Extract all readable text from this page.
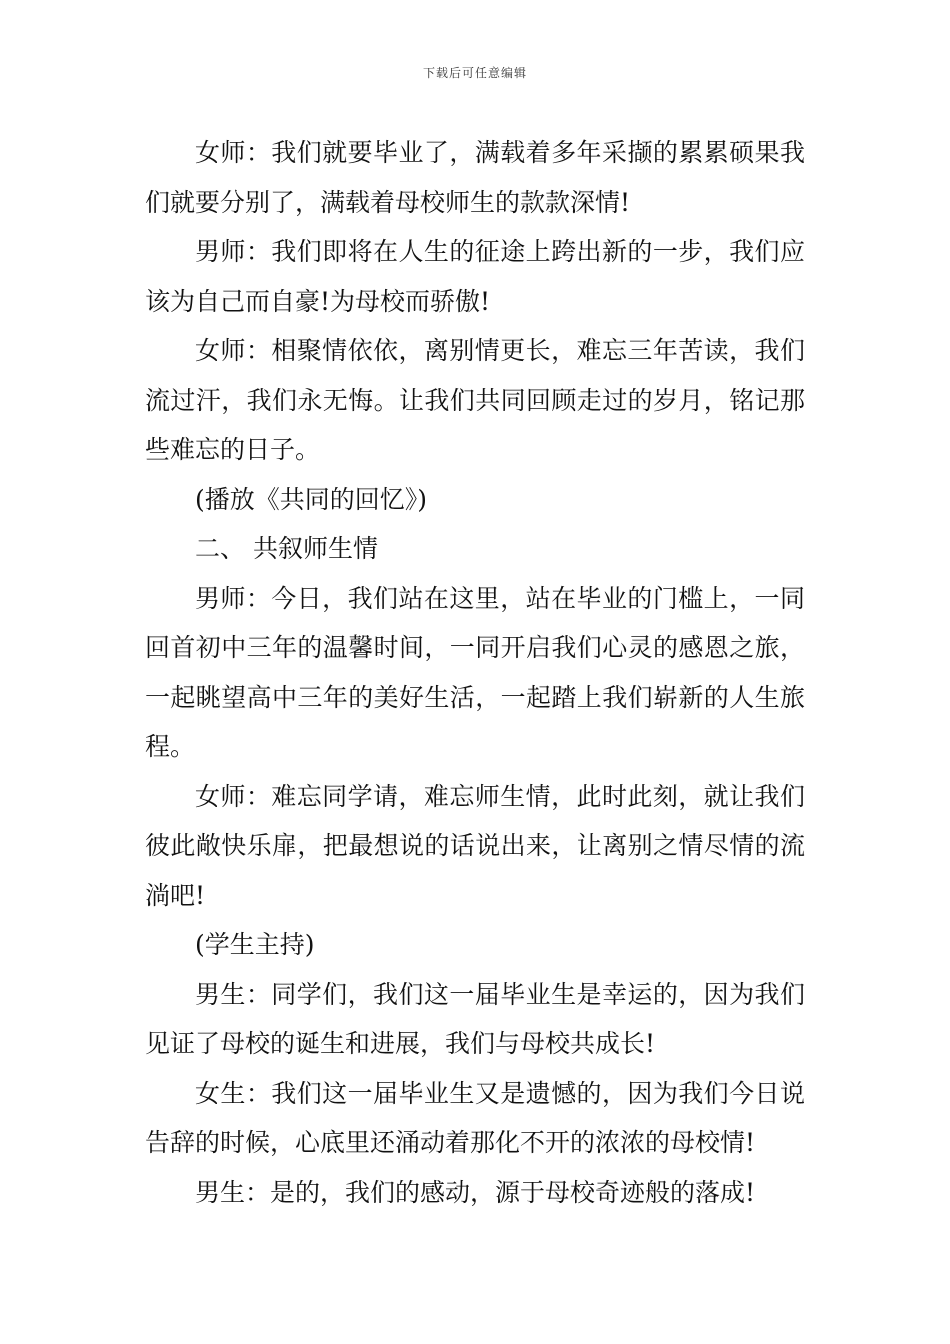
下载后可任意编辑

女师：我们就要毕业了，满载着多年采撷的累累硕果我们就要分别了，满载着母校师生的款款深情!

男师：我们即将在人生的征途上跨出新的一步，我们应该为自己而自豪!为母校而骄傲!

女师：相聚情依依，离别情更长，难忘三年苦读，我们流过汗，我们永无悔。让我们共同回顾走过的岁月，铭记那些难忘的日子。

(播放《共同的回忆》)

二、 共叙师生情

男师：今日，我们站在这里，站在毕业的门槛上，一同回首初中三年的温馨时间，一同开启我们心灵的感恩之旅，一起眺望高中三年的美好生活，一起踏上我们崭新的人生旅程。

女师：难忘同学请，难忘师生情，此时此刻，就让我们彼此敞快乐扉，把最想说的话说出来，让离别之情尽情的流淌吧!

(学生主持)

男生：同学们，我们这一届毕业生是幸运的，因为我们见证了母校的诞生和进展，我们与母校共成长!

女生：我们这一届毕业生又是遗憾的，因为我们今日说告辞的时候，心底里还涌动着那化不开的浓浓的母校情!

男生：是的，我们的感动，源于母校奇迹般的落成!
